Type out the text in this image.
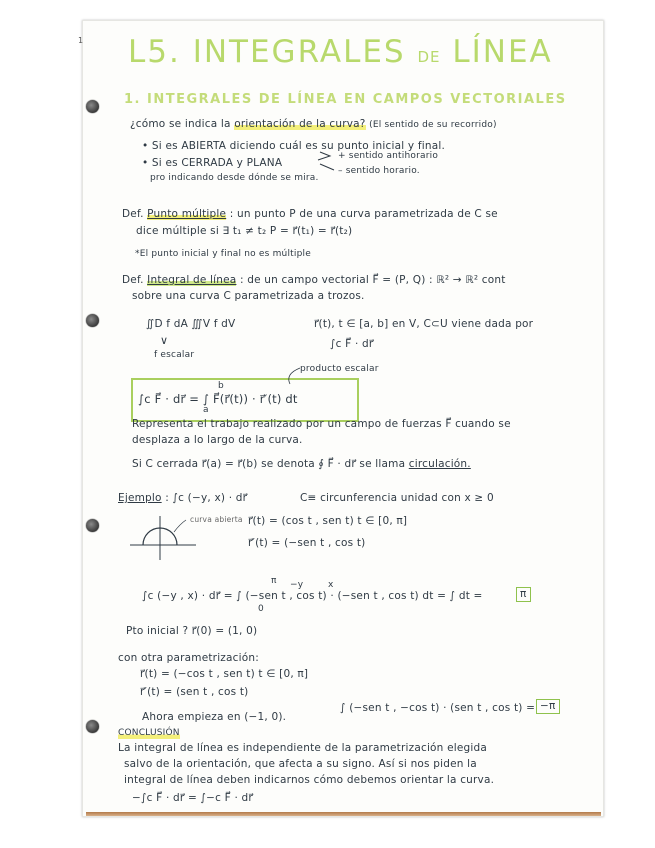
1 L5. INTEGRALES DE LÍNEA
1. INTEGRALES DE LÍNEA EN CAMPOS VECTORIALES
¿cómo se indica la orientación de la curva? (El sentido de su recorrido)
• Si es ABIERTA diciendo cuál es su punto inicial y final.
• Si es CERRADA y PLANA
+ sentido antihorario
– sentido horario.
pro indicando desde dónde se mira.
Def. Punto múltiple : un punto P de una curva parametrizada de C se
dice múltiple si ∃ t₁ ≠ t₂ P = r⃗(t₁) = r⃗(t₂)
*El punto inicial y final no es múltiple
Def. Integral de línea : de un campo vectorial F⃗ = (P, Q) : ℝ² → ℝ² cont
sobre una curva C parametrizada a trozos.
∬D f dA ∭V f dV
∨
f escalar
r⃗(t), t ∈ [a, b] en V, C⊂U viene dada por
∫c F⃗ · dr⃗
producto escalar
∫c F⃗ · dr⃗ = ∫ F⃗(r⃗(t)) · r⃗′(t) dt
b
a
Representa el trabajo realizado por un campo de fuerzas F⃗ cuando se
desplaza a lo largo de la curva.
Si C cerrada r⃗(a) = r⃗(b) se denota ∮ F⃗ · dr⃗ se llama circulación.
Ejemplo : ∫c (−y, x) · dr⃗	C≡ circunferencia unidad con x ≥ 0
curva abierta r⃗(t) = (cos t , sen t) t ∈ [0, π]
r⃗′(t) = (−sen t , cos t)
π −y	x
∫c (−y , x) · dr⃗ = ∫ (−sen t , cos t) · (−sen t , cos t) dt = ∫ dt =
0
π
Pto inicial ? r⃗(0) = (1, 0)
con otra parametrización:
r⃗(t) = (−cos t , sen t) t ∈ [0, π]
r⃗′(t) = (sen t , cos t)
Ahora empieza en (−1, 0).
∫ (−sen t , −cos t) · (sen t , cos t) = −π
CONCLUSIÓN
La integral de línea es independiente de la parametrización elegida
salvo de la orientación, que afecta a su signo. Así si nos piden la
integral de línea deben indicarnos cómo debemos orientar la curva.
−∫c F⃗ · dr⃗ = ∫−c F⃗ · dr⃗
